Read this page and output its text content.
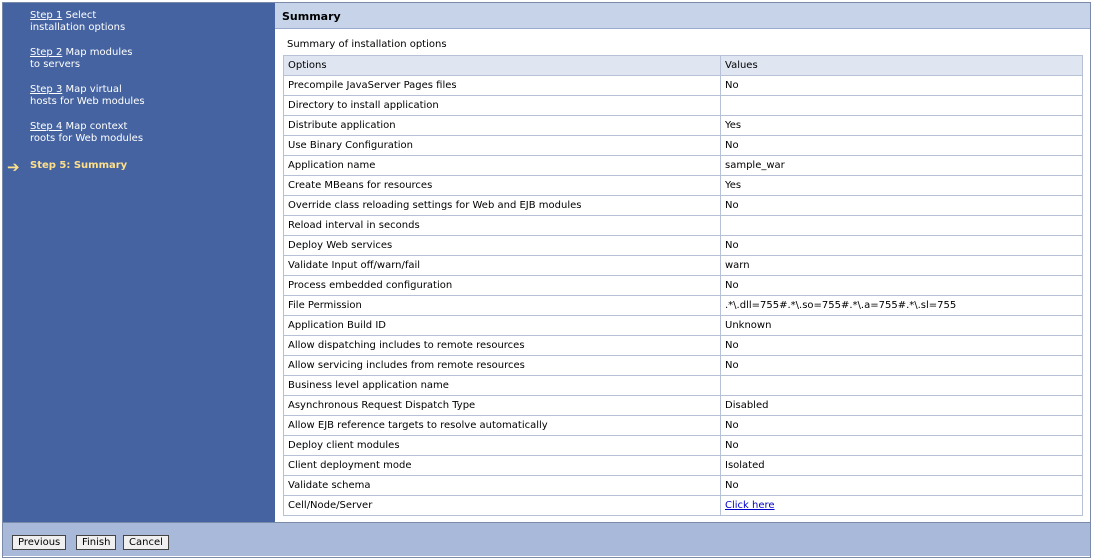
Step 1 Select
installation options
Step 2 Map modules
to servers
Step 3 Map virtual
hosts for Web modules
Step 4 Map context
roots for Web modules
➔ Step 5: Summary
Summary
Summary of installation options
Options	Values
Precompile JavaServer Pages files	No
Directory to install application	
Distribute application	Yes
Use Binary Configuration	No
Application name	sample_war
Create MBeans for resources	Yes
Override class reloading settings for Web and EJB modules	No
Reload interval in seconds	
Deploy Web services	No
Validate Input off/warn/fail	warn
Process embedded configuration	No
File Permission	.*\.dll=755#.*\.so=755#.*\.a=755#.*\.sl=755
Application Build ID	Unknown
Allow dispatching includes to remote resources	No
Allow servicing includes from remote resources	No
Business level application name	
Asynchronous Request Dispatch Type	Disabled
Allow EJB reference targets to resolve automatically	No
Deploy client modules	No
Client deployment mode	Isolated
Validate schema	No
Cell/Node/Server	Click here
Previous	Finish	Cancel
